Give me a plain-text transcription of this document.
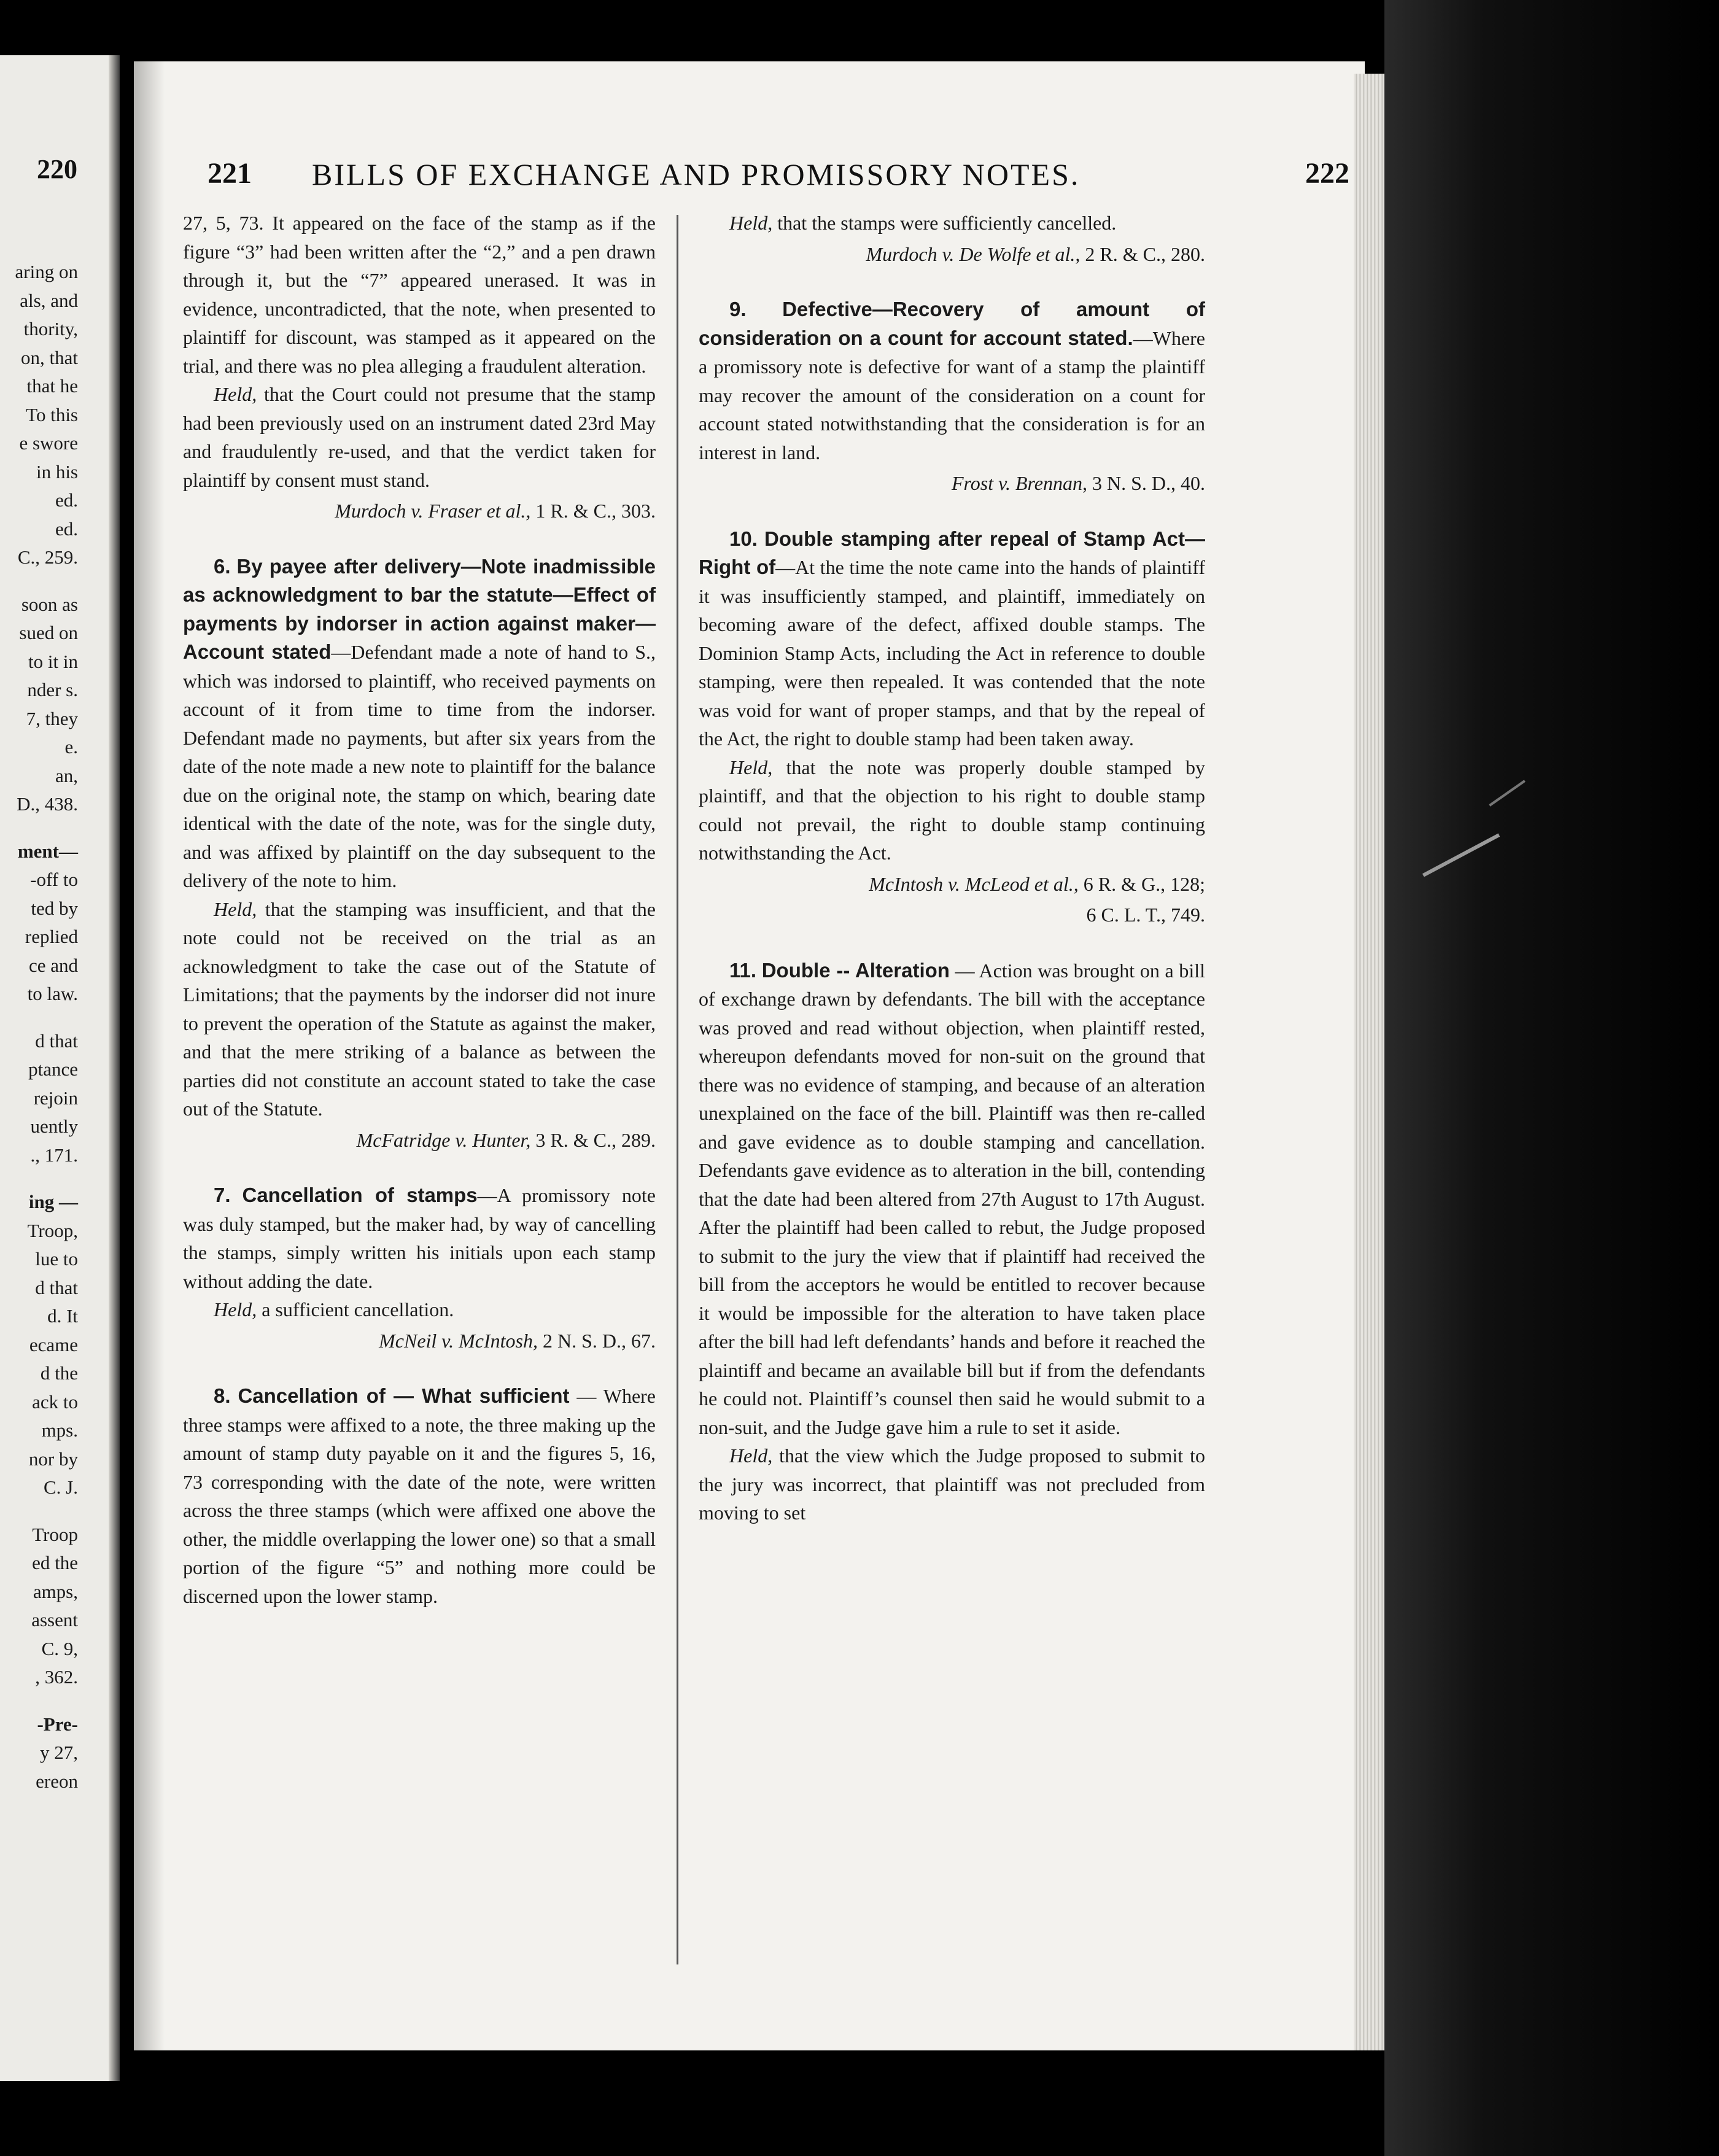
220
aring on
als, and
thority,
on, that
that he
To this
e swore
in his
ed.
ed.
C., 259.
soon as
sued on
to it in
nder s.
7, they
e.
an,
D., 438.
ment—
-off to
ted by
replied
ce and
to law.
d that
ptance
rejoin
uently
., 171.
ing —
Troop,
lue to
d that
d. It
ecame
d the
ack to
mps.
nor by
C. J.
Troop
ed the
amps,
assent
C. 9,
, 362.
-Pre-
y 27,
ereon
221 BILLS OF EXCHANGE AND PROMISSORY NOTES.	222

27, 5, 73. It appeared on the face of the stamp as if the figure “3” had been written after the “2,” and a pen drawn through it, but the “7” appeared unerased. It was in evidence, uncontradicted, that the note, when presented to plaintiff for discount, was stamped as it appeared on the trial, and there was no plea alleging a fraudulent alteration.

Held, that the Court could not presume that the stamp had been previously used on an instrument dated 23rd May and fraudulently re-used, and that the verdict taken for plaintiff by consent must stand.

Murdoch v. Fraser et al., 1 R. & C., 303.

6. By payee after delivery—Note inadmissible as acknowledgment to bar the statute—Effect of payments by indorser in action against maker—Account stated—Defendant made a note of hand to S., which was indorsed to plaintiff, who received payments on account of it from time to time from the indorser. Defendant made no payments, but after six years from the date of the note made a new note to plaintiff for the balance due on the original note, the stamp on which, bearing date identical with the date of the note, was for the single duty, and was affixed by plaintiff on the day subsequent to the delivery of the note to him.

Held, that the stamping was insufficient, and that the note could not be received on the trial as an acknowledgment to take the case out of the Statute of Limitations; that the payments by the indorser did not inure to prevent the operation of the Statute as against the maker, and that the mere striking of a balance as between the parties did not constitute an account stated to take the case out of the Statute.

McFatridge v. Hunter, 3 R. & C., 289.

7. Cancellation of stamps—A promissory note was duly stamped, but the maker had, by way of cancelling the stamps, simply written his initials upon each stamp without adding the date.

Held, a sufficient cancellation.

McNeil v. McIntosh, 2 N. S. D., 67.

8. Cancellation of — What sufficient — Where three stamps were affixed to a note, the three making up the amount of stamp duty payable on it and the figures 5, 16, 73 corresponding with the date of the note, were written across the three stamps (which were affixed one above the other, the middle overlapping the lower one) so that a small portion of the figure “5” and nothing more could be discerned upon the lower stamp.

Held, that the stamps were sufficiently cancelled.

Murdoch v. De Wolfe et al., 2 R. & C., 280.

9. Defective—Recovery of amount of consideration on a count for account stated.—Where a promissory note is defective for want of a stamp the plaintiff may recover the amount of the consideration on a count for account stated notwithstanding that the consideration is for an interest in land.

Frost v. Brennan, 3 N. S. D., 40.

10. Double stamping after repeal of Stamp Act—Right of—At the time the note came into the hands of plaintiff it was insufficiently stamped, and plaintiff, immediately on becoming aware of the defect, affixed double stamps. The Dominion Stamp Acts, including the Act in reference to double stamping, were then repealed. It was contended that the note was void for want of proper stamps, and that by the repeal of the Act, the right to double stamp had been taken away.

Held, that the note was properly double stamped by plaintiff, and that the objection to his right to double stamp could not prevail, the right to double stamp continuing notwithstanding the Act.

McIntosh v. McLeod et al., 6 R. & G., 128;

6 C. L. T., 749.

11. Double -- Alteration — Action was brought on a bill of exchange drawn by defendants. The bill with the acceptance was proved and read without objection, when plaintiff rested, whereupon defendants moved for non-suit on the ground that there was no evidence of stamping, and because of an alteration unexplained on the face of the bill. Plaintiff was then re-called and gave evidence as to double stamping and cancellation. Defendants gave evidence as to alteration in the bill, contending that the date had been altered from 27th August to 17th August. After the plaintiff had been called to rebut, the Judge proposed to submit to the jury the view that if plaintiff had received the bill from the acceptors he would be entitled to recover because it would be impossible for the alteration to have taken place after the bill had left defendants’ hands and before it reached the plaintiff and became an available bill but if from the defendants he could not. Plaintiff’s counsel then said he would submit to a non-suit, and the Judge gave him a rule to set it aside.

Held, that the view which the Judge proposed to submit to the jury was incorrect, that plaintiff was not precluded from moving to set
